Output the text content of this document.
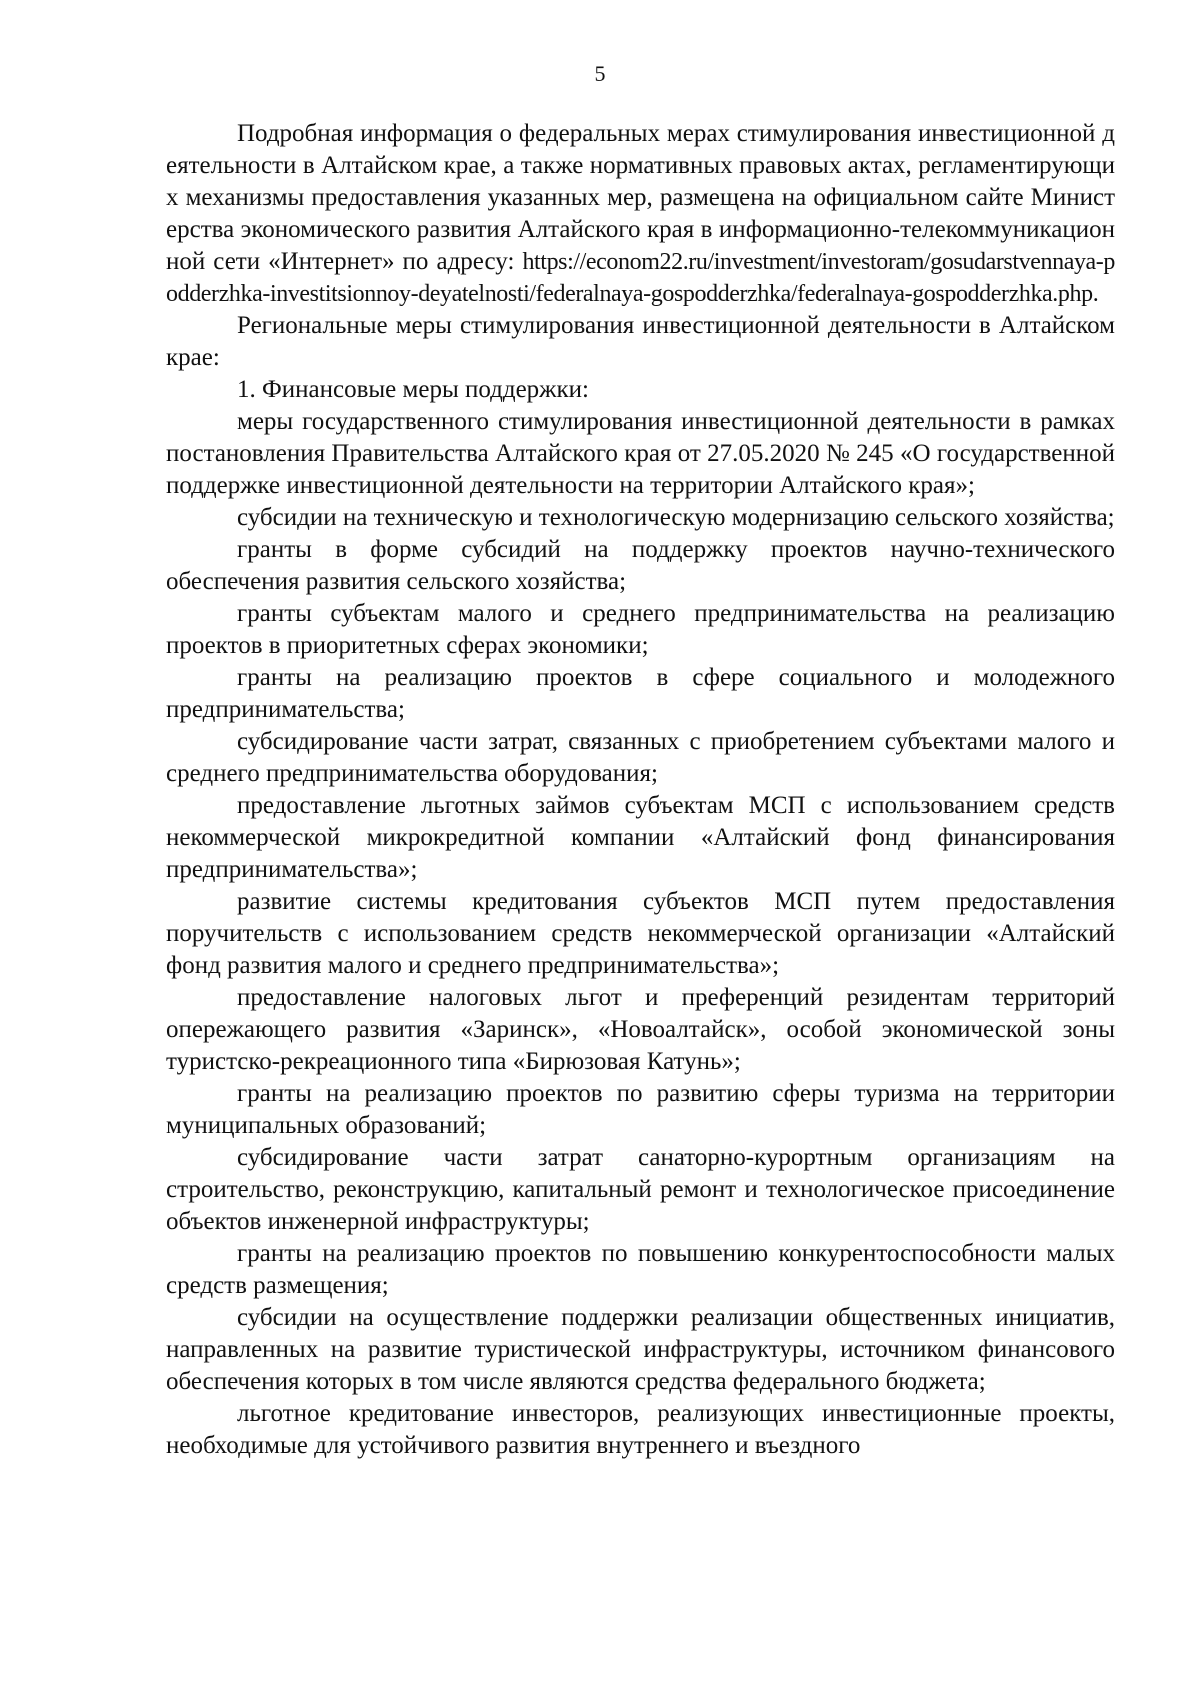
5

Подробная информация о федеральных мерах стимулирования инвестиционной деятельности в Алтайском крае, а также нормативных правовых актах, регламентирующих механизмы предоставления указанных мер, размещена на официальном сайте Министерства экономического развития Алтайского края в информационно-телекоммуникационной сети «Интернет» по адресу: https://econom22.ru/investment/investoram/gosudarstvennaya-podderzhka-investitsionnoy-deyatelnosti/federalnaya-gospodderzhka/federalnaya-gospodderzhka.php.

Региональные меры стимулирования инвестиционной деятельности в Алтайском крае:

1. Финансовые меры поддержки:

меры государственного стимулирования инвестиционной деятельности в рамках постановления Правительства Алтайского края от 27.05.2020 № 245 «О государственной поддержке инвестиционной деятельности на территории Алтайского края»;

субсидии на техническую и технологическую модернизацию сельского хозяйства;

гранты в форме субсидий на поддержку проектов научно-технического обеспечения развития сельского хозяйства;

гранты субъектам малого и среднего предпринимательства на реализацию проектов в приоритетных сферах экономики;

гранты на реализацию проектов в сфере социального и молодежного предпринимательства;

субсидирование части затрат, связанных с приобретением субъектами малого и среднего предпринимательства оборудования;

предоставление льготных займов субъектам МСП с использованием средств некоммерческой микрокредитной компании «Алтайский фонд финансирования предпринимательства»;

развитие системы кредитования субъектов МСП путем предоставления поручительств с использованием средств некоммерческой организации «Алтайский фонд развития малого и среднего предпринимательства»;

предоставление налоговых льгот и преференций резидентам территорий опережающего развития «Заринск», «Новоалтайск», особой экономической зоны туристско-рекреационного типа «Бирюзовая Катунь»;

гранты на реализацию проектов по развитию сферы туризма на территории муниципальных образований;

субсидирование части затрат санаторно-курортным организациям на строительство, реконструкцию, капитальный ремонт и технологическое присоединение объектов инженерной инфраструктуры;

гранты на реализацию проектов по повышению конкурентоспособности малых средств размещения;

субсидии на осуществление поддержки реализации общественных инициатив, направленных на развитие туристической инфраструктуры, источником финансового обеспечения которых в том числе являются средства федерального бюджета;

льготное кредитование инвесторов, реализующих инвестиционные проекты, необходимые для устойчивого развития внутреннего и въездного
